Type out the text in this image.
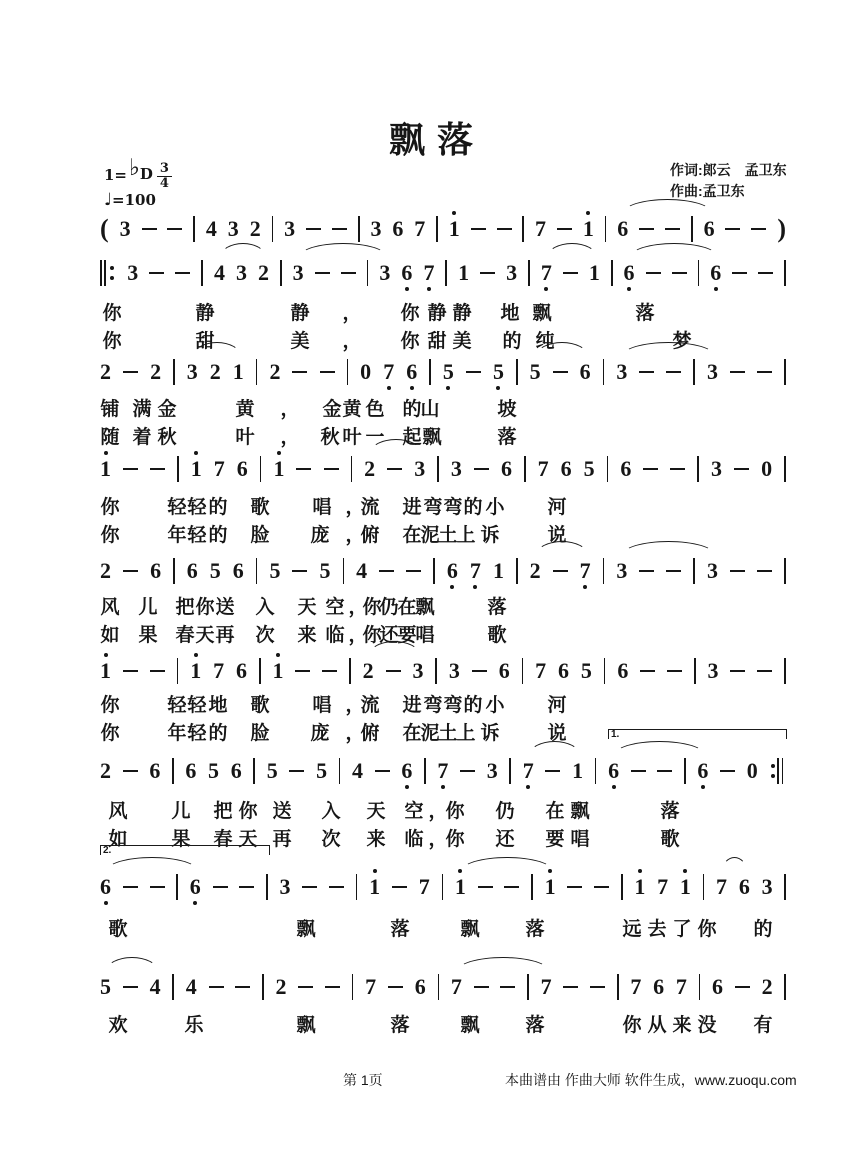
飘落
1= ♭ D $\frac{3}{4}$
♩=100
作词:郎云　孟卫东
作曲:孟卫东
第 1页	本曲谱由 作曲大师 软件生成，www.zuoqu.com
( 3	4 3 2 3	3 6 7 1	7 1 6	6 )
3	4 3 2 3	3 6 7 1 3 7 1 6	6
你	静	静 ， 你 静 静 地 飘	落
你	甜	美 ， 你 甜 美 的 纯	梦
2 2 3 2 1 2	0 7 6 5 5 5 6 3	3
铺 满 金	黄 ， 金 黄 色 的
山	坡
随 着 秋	叶 ， 秋 叶 一 起 飘	落
1	1 7 6 1	2 3 3 6 7 6 5 6	3 0
你	轻 轻 的 歌 唱 ，
流 进 弯 弯 的 小 河
你	年 轻 的 脸 庞 ，
俯 在
泥
土
上 诉	说
2 6 6 5 6 5 5 4	6 7 1 2 7 3	3
风 儿 把 你 送 入 天 空 ，
你
仍
在
飘	落
如 果 春 天 再 次 来 临 ，
你
还
要
唱	歌
1	1 7 6 1	2 3 3 6 7 6 5 6	3
你	轻 轻 地 歌 唱 ，
流 进 弯 弯 的 小 河
你	年 轻 的 脸 庞 ，
俯 在
泥
土
上 诉	说
2 6 6 5 6 5 5 4 6 7 3 7 1 6	6 0
1.
风 儿 把 你 送 入 天 空 ，
你 仍 在 飘	落
如 果 春 天 再 次 来 临 ，
你 还 要 唱	歌
6	6	3	1 7 1	1	1 7 1 7 6 3
2.
歌	飘	落	飘 落	远 去 了 你 的
5 4 4	2	7 6 7	7	7 6 7 6 2
欢	乐	飘	落	飘 落	你 从 来 没 有
